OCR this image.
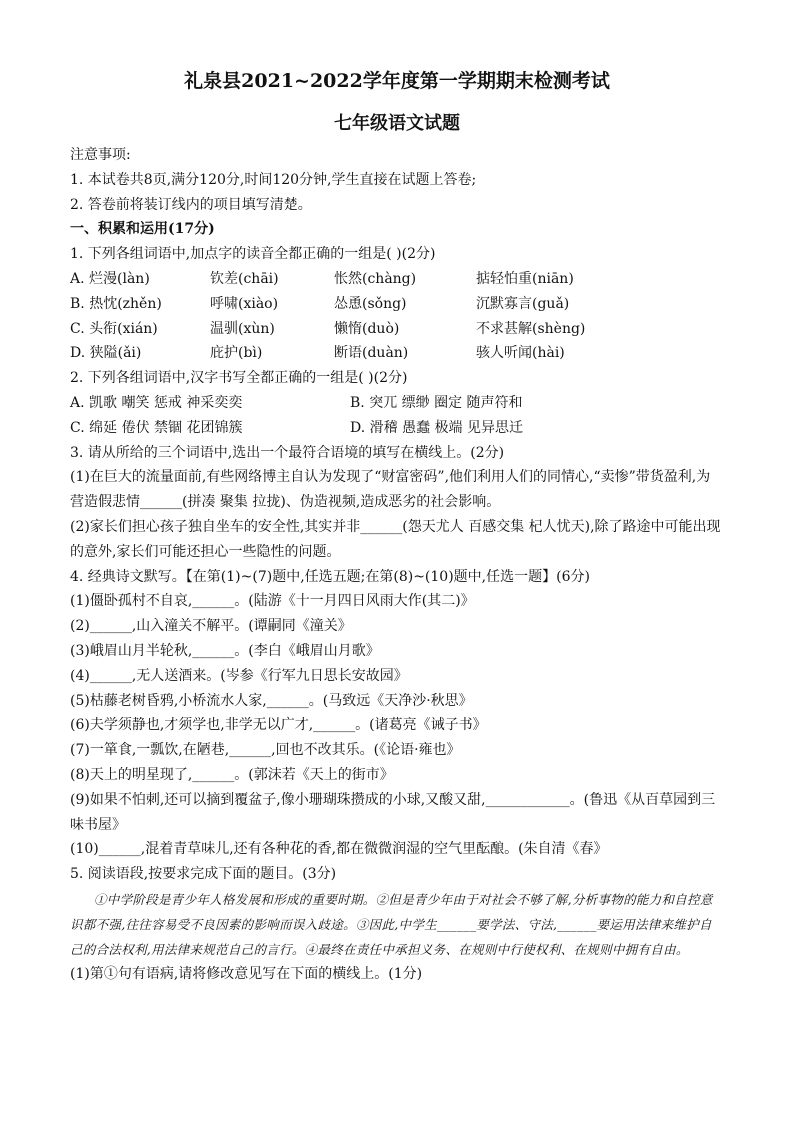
礼泉县2021~2022学年度第一学期期末检测考试
七年级语文试题
注意事项:
1. 本试卷共8页,满分120分,时间120分钟,学生直接在试题上答卷;
2. 答卷前将装订线内的项目填写清楚。
一、积累和运用(17分)
1. 下列各组词语中,加点字的读音全都正确的一组是( )(2分)
A. 烂漫(làn)	钦差(chāi)	怅然(chàng)	掂轻怕重(niān)
B. 热忱(zhěn)	呼啸(xiào)	怂恿(sǒng)	沉默寡言(guǎ)
C. 头衔(xián)	温驯(xùn)	懒惰(duò)	不求甚解(shèng)
D. 狭隘(ǎi)	庇护(bì)	断语(duàn)	骇人听闻(hài)
2. 下列各组词语中,汉字书写全都正确的一组是( )(2分)
A. 凯歌 嘲笑 惩戒 神采奕奕	B. 突兀 缥缈 圈定 随声符和
C. 绵延 倦伏 禁锢 花团锦簇	D. 滑稽 愚蠢 极端 见异思迁
3. 请从所给的三个词语中,选出一个最符合语境的填写在横线上。(2分)
(1)在巨大的流量面前,有些网络博主自认为发现了“财富密码”,他们利用人们的同情心,“卖惨”带货盈利,为营造假悲情______(拼凑 聚集 拉拢)、伪造视频,造成恶劣的社会影响。
(2)家长们担心孩子独自坐车的安全性,其实并非______(怨天尤人 百感交集 杞人忧天),除了路途中可能出现的意外,家长们可能还担心一些隐性的问题。
4. 经典诗文默写。【在第(1)~(7)题中,任选五题;在第(8)~(10)题中,任选一题】(6分)
(1)僵卧孤村不自哀,______。(陆游《十一月四日风雨大作(其二)》
(2)______,山入潼关不解平。(谭嗣同《潼关》
(3)峨眉山月半轮秋,______。(李白《峨眉山月歌》
(4)______,无人送酒来。(岑参《行军九日思长安故园》
(5)枯藤老树昏鸦,小桥流水人家,______。(马致远《天净沙·秋思》
(6)夫学须静也,才须学也,非学无以广才,______。(诸葛亮《诫子书》
(7)一箪食,一瓢饮,在陋巷,______,回也不改其乐。(《论语·雍也》
(8)天上的明星现了,______。(郭沫若《天上的街市》
(9)如果不怕刺,还可以摘到覆盆子,像小珊瑚珠攒成的小球,又酸又甜,____________。(鲁迅《从百草园到三味书屋》
(10)______,混着青草味儿,还有各种花的香,都在微微润湿的空气里酝酿。(朱自清《春》
5. 阅读语段,按要求完成下面的题目。(3分)

①中学阶段是青少年人格发展和形成的重要时期。②但是青少年由于对社会不够了解,分析事物的能力和自控意识都不强,往往容易受不良因素的影响而误入歧途。③因此,中学生______要学法、守法,______要运用法律来维护自己的合法权利,用法律来规范自己的言行。④最终在责任中承担义务、在规则中行使权利、在规则中拥有自由。

(1)第①句有语病,请将修改意见写在下面的横线上。(1分)
